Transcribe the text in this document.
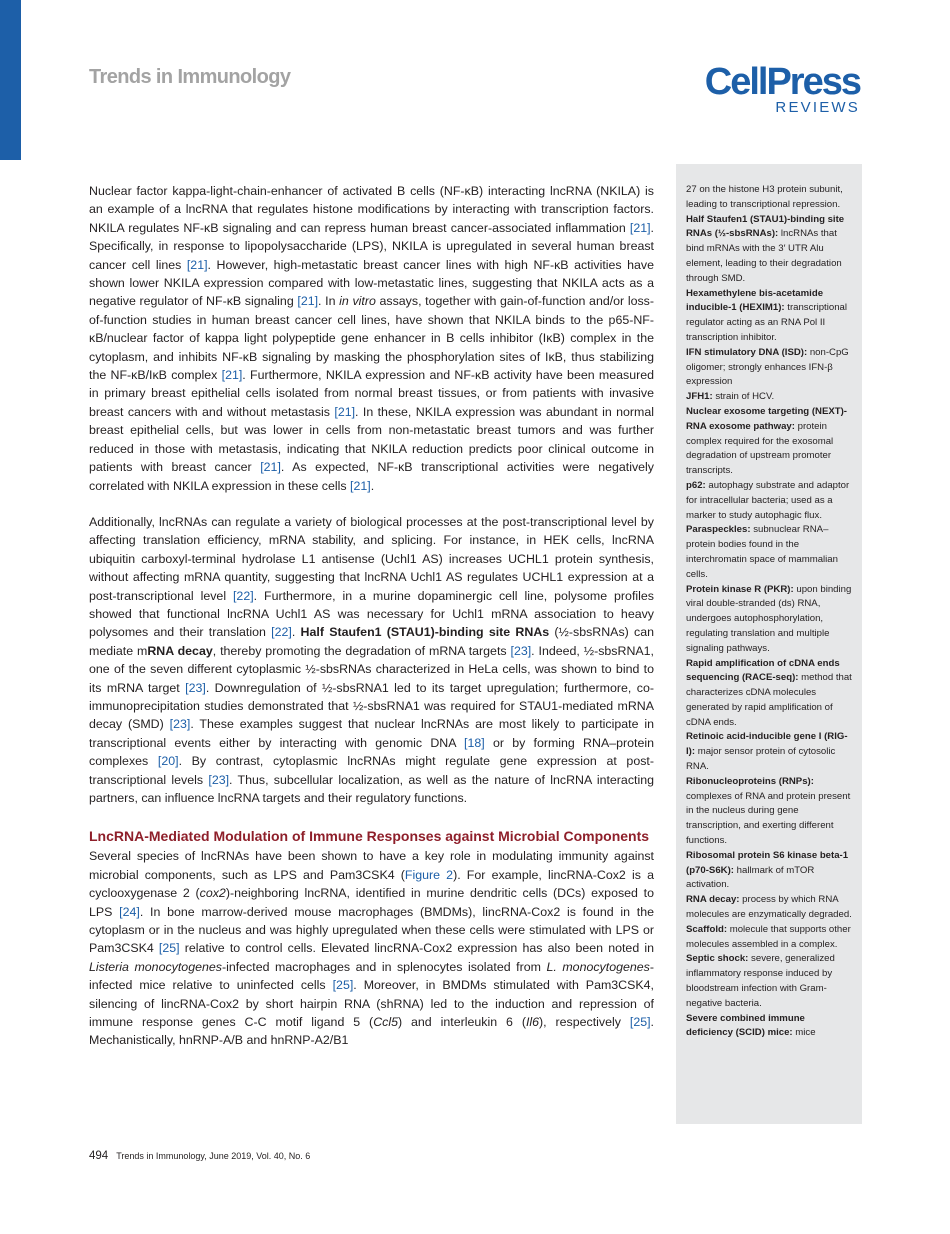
Trends in Immunology	CellPress
REVIEWS

Nuclear factor kappa-light-chain-enhancer of activated B cells (NF-κB) interacting lncRNA (NKILA) is an example of a lncRNA that regulates histone modifications by interacting with transcription factors. NKILA regulates NF-κB signaling and can repress human breast cancer-associated inflammation [21]. Specifically, in response to lipopolysaccharide (LPS), NKILA is upregulated in several human breast cancer cell lines [21]. However, high-metastatic breast cancer lines with high NF-κB activities have shown lower NKILA expression compared with low-metastatic lines, suggesting that NKILA acts as a negative regulator of NF-κB signaling [21]. In in vitro assays, together with gain-of-function and/or loss-of-function studies in human breast cancer cell lines, have shown that NKILA binds to the p65-NF-κB/nuclear factor of kappa light polypeptide gene enhancer in B cells inhibitor (IκB) complex in the cytoplasm, and inhibits NF-κB signaling by masking the phosphorylation sites of IκB, thus stabilizing the NF-κB/IκB complex [21]. Furthermore, NKILA expression and NF-κB activity have been measured in primary breast epithelial cells isolated from normal breast tissues, or from patients with invasive breast cancers with and without metastasis [21]. In these, NKILA expression was abundant in normal breast epithelial cells, but was lower in cells from non-metastatic breast tumors and was further reduced in those with metastasis, indicating that NKILA reduction predicts poor clinical outcome in patients with breast cancer [21]. As expected, NF-κB transcriptional activities were negatively correlated with NKILA expression in these cells [21].

Additionally, lncRNAs can regulate a variety of biological processes at the post-transcriptional level by affecting translation efficiency, mRNA stability, and splicing. For instance, in HEK cells, lncRNA ubiquitin carboxyl-terminal hydrolase L1 antisense (Uchl1 AS) increases UCHL1 protein synthesis, without affecting mRNA quantity, suggesting that lncRNA Uchl1 AS regulates UCHL1 expression at a post-transcriptional level [22]. Furthermore, in a murine dopaminergic cell line, polysome profiles showed that functional lncRNA Uchl1 AS was necessary for Uchl1 mRNA association to heavy polysomes and their translation [22]. Half Staufen1 (STAU1)-binding site RNAs (½-sbsRNAs) can mediate mRNA decay, thereby promoting the degradation of mRNA targets [23]. Indeed, ½-sbsRNA1, one of the seven different cytoplasmic ½-sbsRNAs characterized in HeLa cells, was shown to bind to its mRNA target [23]. Downregulation of ½-sbsRNA1 led to its target upregulation; furthermore, co-immunoprecipitation studies demonstrated that ½-sbsRNA1 was required for STAU1-mediated mRNA decay (SMD) [23]. These examples suggest that nuclear lncRNAs are most likely to participate in transcriptional events either by interacting with genomic DNA [18] or by forming RNA–protein complexes [20]. By contrast, cytoplasmic lncRNAs might regulate gene expression at post-transcriptional levels [23]. Thus, subcellular localization, as well as the nature of lncRNA interacting partners, can influence lncRNA targets and their regulatory functions.

LncRNA-Mediated Modulation of Immune Responses against Microbial Components

Several species of lncRNAs have been shown to have a key role in modulating immunity against microbial components, such as LPS and Pam3CSK4 (Figure 2). For example, lincRNA-Cox2 is a cyclooxygenase 2 (cox2)-neighboring lncRNA, identified in murine dendritic cells (DCs) exposed to LPS [24]. In bone marrow-derived mouse macrophages (BMDMs), lincRNA-Cox2 is found in the cytoplasm or in the nucleus and was highly upregulated when these cells were stimulated with LPS or Pam3CSK4 [25] relative to control cells. Elevated lincRNA-Cox2 expression has also been noted in Listeria monocytogenes-infected macrophages and in splenocytes isolated from L. monocytogenes-infected mice relative to uninfected cells [25]. Moreover, in BMDMs stimulated with Pam3CSK4, silencing of lincRNA-Cox2 by short hairpin RNA (shRNA) led to the induction and repression of immune response genes C-C motif ligand 5 (Ccl5) and interleukin 6 (Il6), respectively [25]. Mechanistically, hnRNP-A/B and hnRNP-A2/B1

27 on the histone H3 protein subunit, leading to transcriptional repression.
Half Staufen1 (STAU1)-binding site RNAs (½-sbsRNAs): lncRNAs that bind mRNAs with the 3′ UTR Alu element, leading to their degradation through SMD.
Hexamethylene bis-acetamide inducible-1 (HEXIM1): transcriptional regulator acting as an RNA Pol II transcription inhibitor.
IFN stimulatory DNA (ISD): non-CpG oligomer; strongly enhances IFN-β expression
JFH1: strain of HCV.
Nuclear exosome targeting (NEXT)-RNA exosome pathway: protein complex required for the exosomal degradation of upstream promoter transcripts.
p62: autophagy substrate and adaptor for intracellular bacteria; used as a marker to study autophagic flux.
Paraspeckles: subnuclear RNA–protein bodies found in the interchromatin space of mammalian cells.
Protein kinase R (PKR): upon binding viral double-stranded (ds) RNA, undergoes autophosphorylation, regulating translation and multiple signaling pathways.
Rapid amplification of cDNA ends sequencing (RACE-seq): method that characterizes cDNA molecules generated by rapid amplification of cDNA ends.
Retinoic acid-inducible gene I (RIG-I): major sensor protein of cytosolic RNA.
Ribonucleoproteins (RNPs): complexes of RNA and protein present in the nucleus during gene transcription, and exerting different functions.
Ribosomal protein S6 kinase beta-1 (p70-S6K): hallmark of mTOR activation.
RNA decay: process by which RNA molecules are enzymatically degraded.
Scaffold: molecule that supports other molecules assembled in a complex.
Septic shock: severe, generalized inflammatory response induced by bloodstream infection with Gram-negative bacteria.
Severe combined immune deficiency (SCID) mice: mice
494 Trends in Immunology, June 2019, Vol. 40, No. 6
